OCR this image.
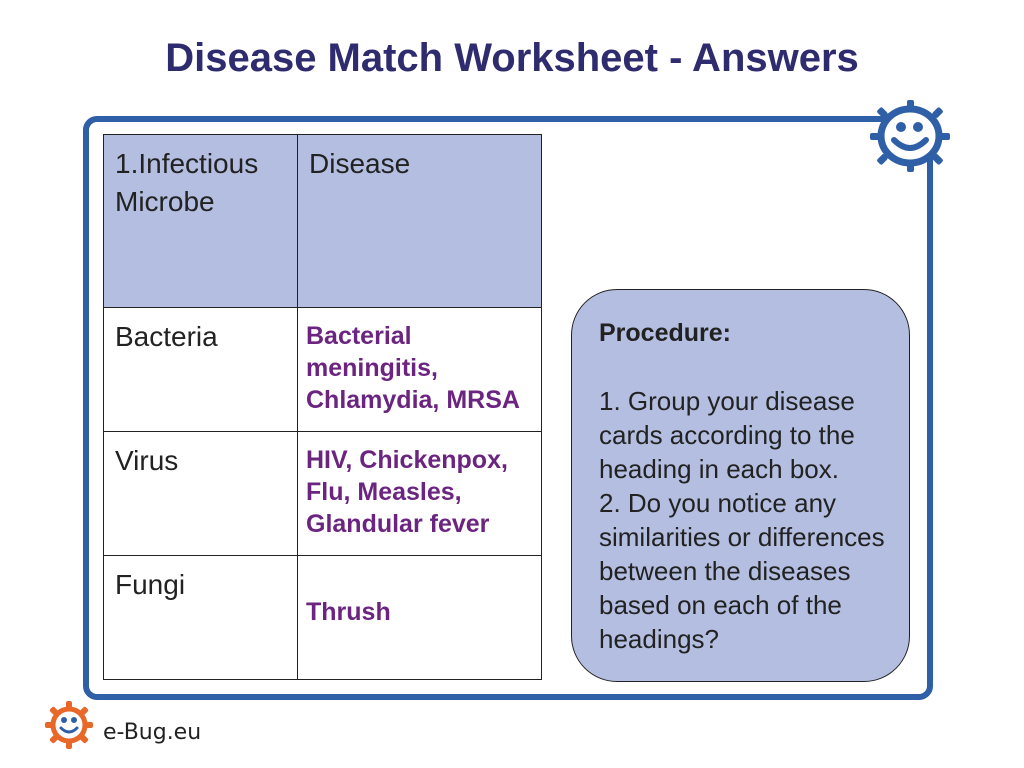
Disease Match Worksheet - Answers
1.Infectious Microbe	Disease

Bacteria	Bacterial meningitis, Chlamydia, MRSA

Virus	HIV, Chickenpox, Flu, Measles, Glandular fever

Fungi	Thrush
Procedure:
1. Group your disease cards according to the heading in each box.
2. Do you notice any similarities or differences between the diseases based on each of the headings?
e-Bug.eu
